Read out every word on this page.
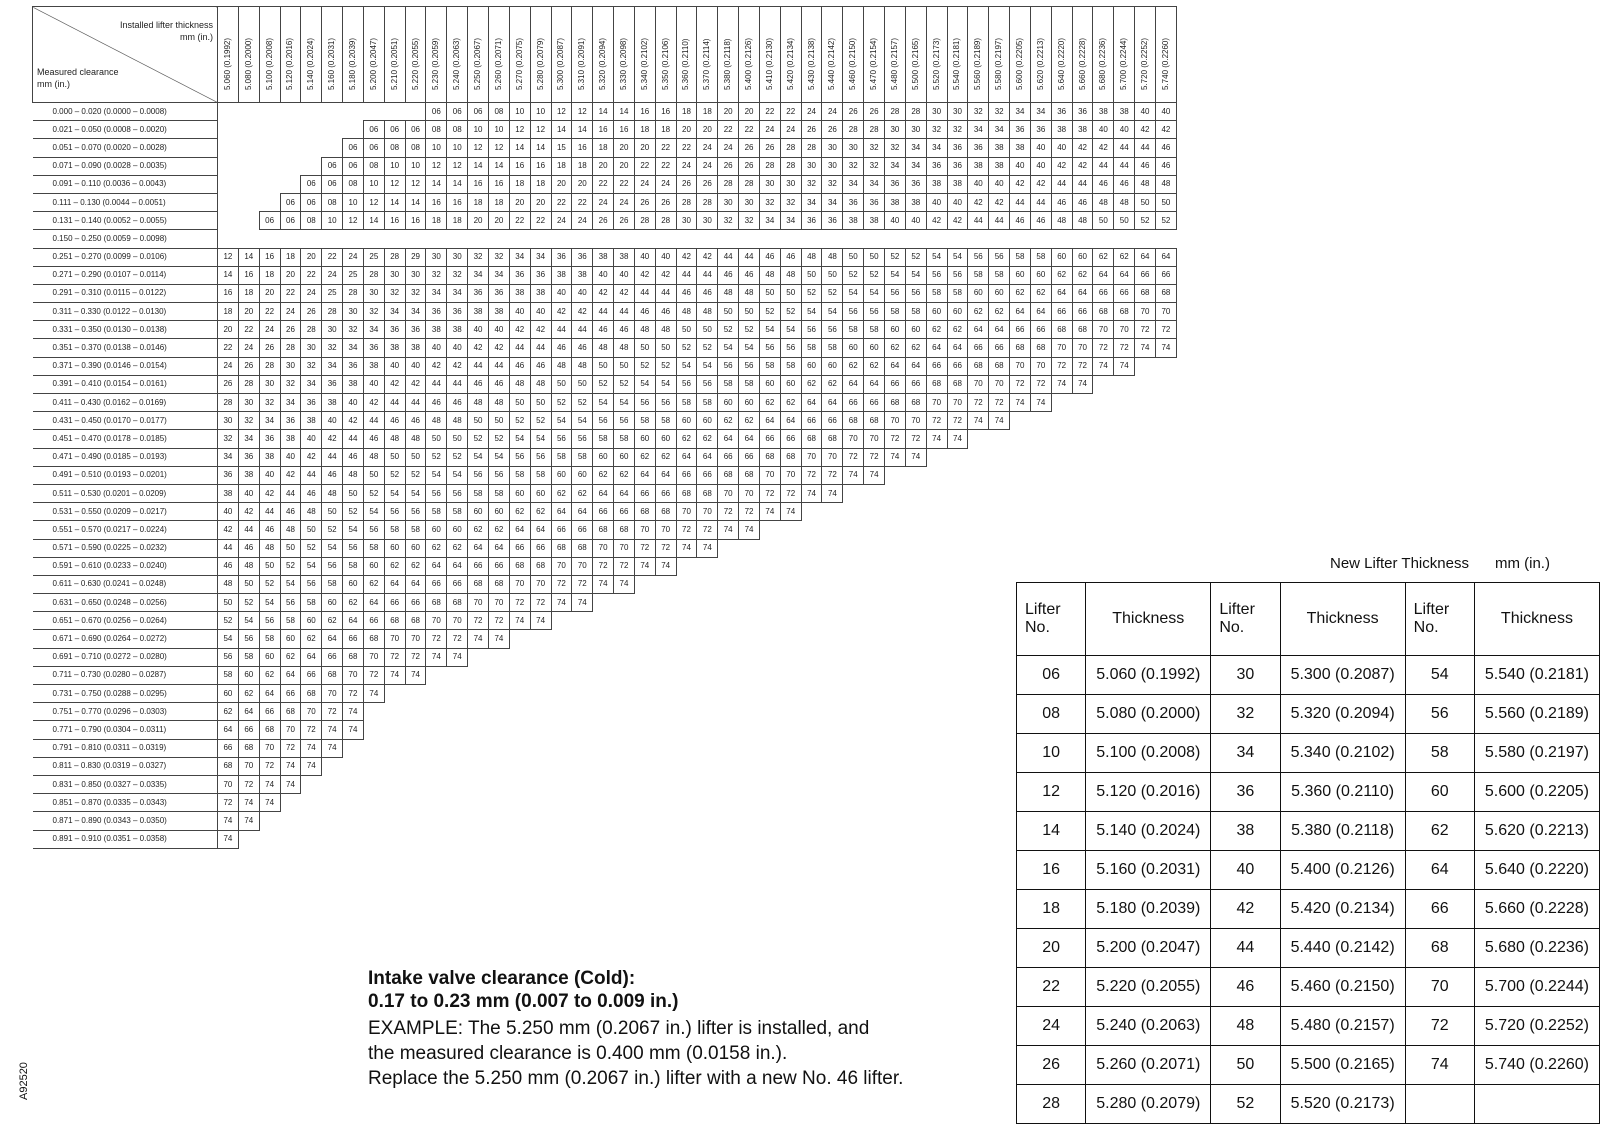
Installed lifter thickness
mm (in.)
Measured clearance
mm (in.)	5.060 (0.1992)	5.080 (0.2000)	5.100 (0.2008)	5.120 (0.2016)	5.140 (0.2024)	5.160 (0.2031)	5.180 (0.2039)	5.200 (0.2047)	5.210 (0.2051)	5.220 (0.2055)	5.230 (0.2059)	5.240 (0.2063)	5.250 (0.2067)	5.260 (0.2071)	5.270 (0.2075)	5.280 (0.2079)	5.300 (0.2087)	5.310 (0.2091)	5.320 (0.2094)	5.330 (0.2098)	5.340 (0.2102)	5.350 (0.2106)	5.360 (0.2110)	5.370 (0.2114)	5.380 (0.2118)	5.400 (0.2126)	5.410 (0.2130)	5.420 (0.2134)	5.430 (0.2138)	5.440 (0.2142)	5.460 (0.2150)	5.470 (0.2154)	5.480 (0.2157)	5.500 (0.2165)	5.520 (0.2173)	5.540 (0.2181)	5.560 (0.2189)	5.580 (0.2197)	5.600 (0.2205)	5.620 (0.2213)	5.640 (0.2220)	5.660 (0.2228)	5.680 (0.2236)	5.700 (0.2244)	5.720 (0.2252)	5.740 (0.2260)

0.000 – 0.020 (0.0000 – 0.0008)											06	06	06	08	10	10	12	12	14	14	16	16	18	18	20	20	22	22	24	24	26	26	28	28	30	30	32	32	34	34	36	36	38	38	40	40
0.021 – 0.050 (0.0008 – 0.0020)								06	06	06	08	08	10	10	12	12	14	14	16	16	18	18	20	20	22	22	24	24	26	26	28	28	30	30	32	32	34	34	36	36	38	38	40	40	42	42
0.051 – 0.070 (0.0020 – 0.0028)							06	06	08	08	10	10	12	12	14	14	15	16	18	20	20	22	22	24	24	26	26	28	28	30	30	32	32	34	34	36	36	38	38	40	40	42	42	44	44	46
0.071 – 0.090 (0.0028 – 0.0035)						06	06	08	10	10	12	12	14	14	16	16	18	18	20	20	22	22	24	24	26	26	28	28	30	30	32	32	34	34	36	36	38	38	40	40	42	42	44	44	46	46
0.091 – 0.110 (0.0036 – 0.0043)					06	06	08	10	12	12	14	14	16	16	18	18	20	20	22	22	24	24	26	26	28	28	30	30	32	32	34	34	36	36	38	38	40	40	42	42	44	44	46	46	48	48
0.111 – 0.130 (0.0044 – 0.0051)				06	06	08	10	12	14	14	16	16	18	18	20	20	22	22	24	24	26	26	28	28	30	30	32	32	34	34	36	36	38	38	40	40	42	42	44	44	46	46	48	48	50	50
0.131 – 0.140 (0.0052 – 0.0055)			06	06	08	10	12	14	16	16	18	18	20	20	22	22	24	24	26	26	28	28	30	30	32	32	34	34	36	36	38	38	40	40	42	42	44	44	46	46	48	48	50	50	52	52
0.150 – 0.250 (0.0059 – 0.0098)																																														
0.251 – 0.270 (0.0099 – 0.0106)	12	14	16	18	20	22	24	25	28	29	30	30	32	32	34	34	36	36	38	38	40	40	42	42	44	44	46	46	48	48	50	50	52	52	54	54	56	56	58	58	60	60	62	62	64	64
0.271 – 0.290 (0.0107 – 0.0114)	14	16	18	20	22	24	25	28	30	30	32	32	34	34	36	36	38	38	40	40	42	42	44	44	46	46	48	48	50	50	52	52	54	54	56	56	58	58	60	60	62	62	64	64	66	66
0.291 – 0.310 (0.0115 – 0.0122)	16	18	20	22	24	25	28	30	32	32	34	34	36	36	38	38	40	40	42	42	44	44	46	46	48	48	50	50	52	52	54	54	56	56	58	58	60	60	62	62	64	64	66	66	68	68
0.311 – 0.330 (0.0122 – 0.0130)	18	20	22	24	26	28	30	32	34	34	36	36	38	38	40	40	42	42	44	44	46	46	48	48	50	50	52	52	54	54	56	56	58	58	60	60	62	62	64	64	66	66	68	68	70	70
0.331 – 0.350 (0.0130 – 0.0138)	20	22	24	26	28	30	32	34	36	36	38	38	40	40	42	42	44	44	46	46	48	48	50	50	52	52	54	54	56	56	58	58	60	60	62	62	64	64	66	66	68	68	70	70	72	72
0.351 – 0.370 (0.0138 – 0.0146)	22	24	26	28	30	32	34	36	38	38	40	40	42	42	44	44	46	46	48	48	50	50	52	52	54	54	56	56	58	58	60	60	62	62	64	64	66	66	68	68	70	70	72	72	74	74
0.371 – 0.390 (0.0146 – 0.0154)	24	26	28	30	32	34	36	38	40	40	42	42	44	44	46	46	48	48	50	50	52	52	54	54	56	56	58	58	60	60	62	62	64	64	66	66	68	68	70	70	72	72	74	74		
0.391 – 0.410 (0.0154 – 0.0161)	26	28	30	32	34	36	38	40	42	42	44	44	46	46	48	48	50	50	52	52	54	54	56	56	58	58	60	60	62	62	64	64	66	66	68	68	70	70	72	72	74	74				
0.411 – 0.430 (0.0162 – 0.0169)	28	30	32	34	36	38	40	42	44	44	46	46	48	48	50	50	52	52	54	54	56	56	58	58	60	60	62	62	64	64	66	66	68	68	70	70	72	72	74	74						
0.431 – 0.450 (0.0170 – 0.0177)	30	32	34	36	38	40	42	44	46	46	48	48	50	50	52	52	54	54	56	56	58	58	60	60	62	62	64	64	66	66	68	68	70	70	72	72	74	74								
0.451 – 0.470 (0.0178 – 0.0185)	32	34	36	38	40	42	44	46	48	48	50	50	52	52	54	54	56	56	58	58	60	60	62	62	64	64	66	66	68	68	70	70	72	72	74	74										
0.471 – 0.490 (0.0185 – 0.0193)	34	36	38	40	42	44	46	48	50	50	52	52	54	54	56	56	58	58	60	60	62	62	64	64	66	66	68	68	70	70	72	72	74	74												
0.491 – 0.510 (0.0193 – 0.0201)	36	38	40	42	44	46	48	50	52	52	54	54	56	56	58	58	60	60	62	62	64	64	66	66	68	68	70	70	72	72	74	74														
0.511 – 0.530 (0.0201 – 0.0209)	38	40	42	44	46	48	50	52	54	54	56	56	58	58	60	60	62	62	64	64	66	66	68	68	70	70	72	72	74	74																
0.531 – 0.550 (0.0209 – 0.0217)	40	42	44	46	48	50	52	54	56	56	58	58	60	60	62	62	64	64	66	66	68	68	70	70	72	72	74	74																		
0.551 – 0.570 (0.0217 – 0.0224)	42	44	46	48	50	52	54	56	58	58	60	60	62	62	64	64	66	66	68	68	70	70	72	72	74	74																				
0.571 – 0.590 (0.0225 – 0.0232)	44	46	48	50	52	54	56	58	60	60	62	62	64	64	66	66	68	68	70	70	72	72	74	74																						
0.591 – 0.610 (0.0233 – 0.0240)	46	48	50	52	54	56	58	60	62	62	64	64	66	66	68	68	70	70	72	72	74	74																								
0.611 – 0.630 (0.0241 – 0.0248)	48	50	52	54	56	58	60	62	64	64	66	66	68	68	70	70	72	72	74	74																										
0.631 – 0.650 (0.0248 – 0.0256)	50	52	54	56	58	60	62	64	66	66	68	68	70	70	72	72	74	74																												
0.651 – 0.670 (0.0256 – 0.0264)	52	54	56	58	60	62	64	66	68	68	70	70	72	72	74	74																														
0.671 – 0.690 (0.0264 – 0.0272)	54	56	58	60	62	64	66	68	70	70	72	72	74	74																																
0.691 – 0.710 (0.0272 – 0.0280)	56	58	60	62	64	66	68	70	72	72	74	74																																		
0.711 – 0.730 (0.0280 – 0.0287)	58	60	62	64	66	68	70	72	74	74																																				
0.731 – 0.750 (0.0288 – 0.0295)	60	62	64	66	68	70	72	74																																						
0.751 – 0.770 (0.0296 – 0.0303)	62	64	66	68	70	72	74																																							
0.771 – 0.790 (0.0304 – 0.0311)	64	66	68	70	72	74	74																																							
0.791 – 0.810 (0.0311 – 0.0319)	66	68	70	72	74	74																																								
0.811 – 0.830 (0.0319 – 0.0327)	68	70	72	74	74																																									
0.831 – 0.850 (0.0327 – 0.0335)	70	72	74	74																																										
0.851 – 0.870 (0.0335 – 0.0343)	72	74	74																																											
0.871 – 0.890 (0.0343 – 0.0350)	74	74																																												
0.891 – 0.910 (0.0351 – 0.0358)	74																																													
New Lifter Thickness mm (in.)
Lifter No.	Thickness	Lifter No.	Thickness	Lifter No.	Thickness
06	5.060 (0.1992)	30	5.300 (0.2087)	54	5.540 (0.2181)
08	5.080 (0.2000)	32	5.320 (0.2094)	56	5.560 (0.2189)
10	5.100 (0.2008)	34	5.340 (0.2102)	58	5.580 (0.2197)
12	5.120 (0.2016)	36	5.360 (0.2110)	60	5.600 (0.2205)
14	5.140 (0.2024)	38	5.380 (0.2118)	62	5.620 (0.2213)
16	5.160 (0.2031)	40	5.400 (0.2126)	64	5.640 (0.2220)
18	5.180 (0.2039)	42	5.420 (0.2134)	66	5.660 (0.2228)
20	5.200 (0.2047)	44	5.440 (0.2142)	68	5.680 (0.2236)
22	5.220 (0.2055)	46	5.460 (0.2150)	70	5.700 (0.2244)
24	5.240 (0.2063)	48	5.480 (0.2157)	72	5.720 (0.2252)
26	5.260 (0.2071)	50	5.500 (0.2165)	74	5.740 (0.2260)
28	5.280 (0.2079)	52	5.520 (0.2173)		
Intake valve clearance (Cold):
0.17 to 0.23 mm (0.007 to 0.009 in.)
EXAMPLE: The 5.250 mm (0.2067 in.) lifter is installed, and
the measured clearance is 0.400 mm (0.0158 in.).
Replace the 5.250 mm (0.2067 in.) lifter with a new No. 46 lifter.
A92520
